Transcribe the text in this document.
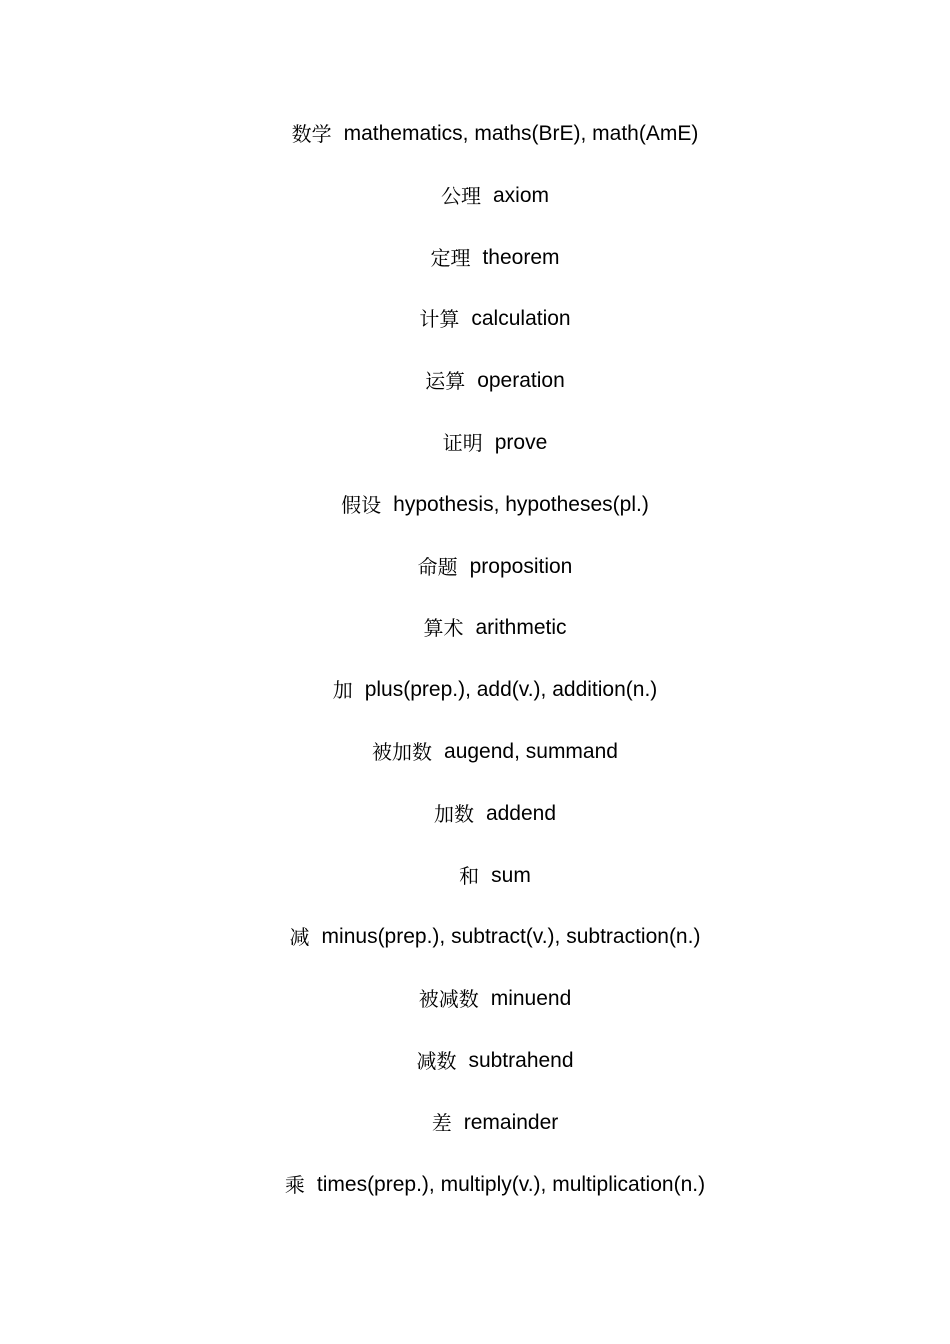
数学 mathematics, maths(BrE), math(AmE)
公理 axiom
定理 theorem
计算 calculation
运算 operation
证明 prove
假设 hypothesis, hypotheses(pl.)
命题 proposition
算术 arithmetic
加 plus(prep.), add(v.), addition(n.)
被加数 augend, summand
加数 addend
和 sum
减 minus(prep.), subtract(v.), subtraction(n.)
被减数 minuend
减数 subtrahend
差 remainder
乘 times(prep.), multiply(v.), multiplication(n.)
